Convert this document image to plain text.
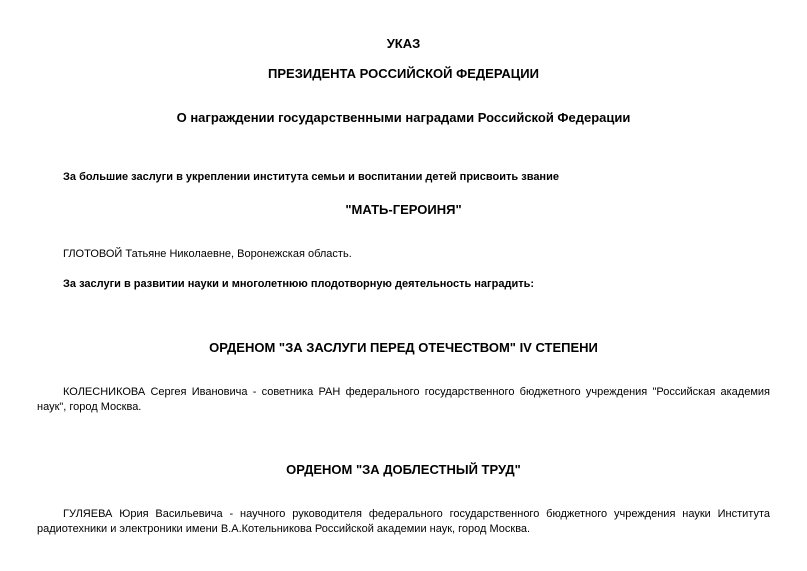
УКАЗ
ПРЕЗИДЕНТА РОССИЙСКОЙ ФЕДЕРАЦИИ
О награждении государственными наградами Российской Федерации
За большие заслуги в укреплении института семьи и воспитании детей присвоить звание
"МАТЬ-ГЕРОИНЯ"
ГЛОТОВОЙ Татьяне Николаевне, Воронежская область.
За заслуги в развитии науки и многолетнюю плодотворную деятельность наградить:
ОРДЕНОМ "ЗА ЗАСЛУГИ ПЕРЕД ОТЕЧЕСТВОМ" IV СТЕПЕНИ
КОЛЕСНИКОВА Сергея Ивановича - советника РАН федерального государственного бюджетного учреждения "Российская академия наук", город Москва.
ОРДЕНОМ "ЗА ДОБЛЕСТНЫЙ ТРУД"
ГУЛЯЕВА Юрия Васильевича - научного руководителя федерального государственного бюджетного учреждения науки Института радиотехники и электроники имени В.А.Котельникова Российской академии наук, город Москва.
